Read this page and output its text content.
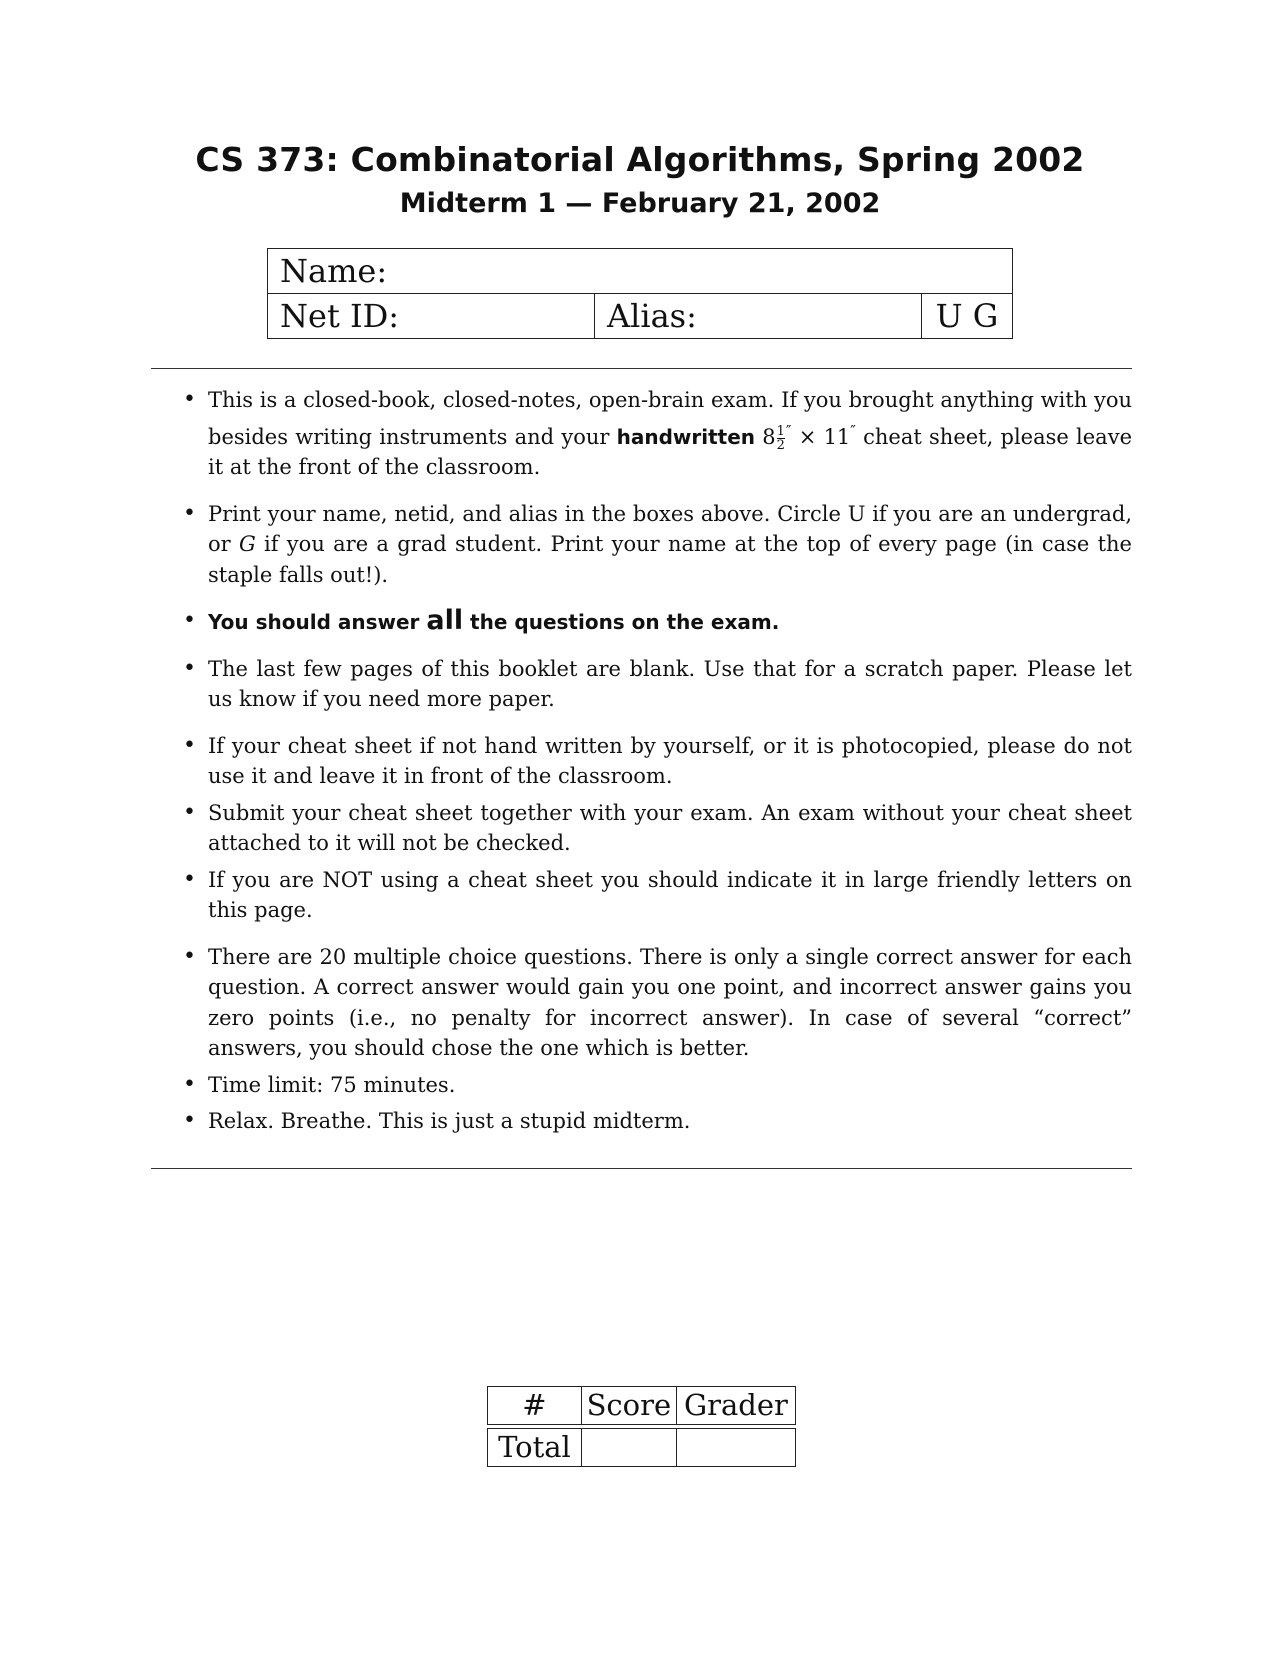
CS 373: Combinatorial Algorithms, Spring 2002
Midterm 1 — February 21, 2002
Name:
Net ID:	Alias:	U G
• This is a closed-book, closed-notes, open-brain exam. If you brought anything with you besides writing instruments and your handwritten $8 \frac{1}{2} '' \times 11''$ cheat sheet, please leave it at the front of the classroom.
• Print your name, netid, and alias in the boxes above. Circle U if you are an undergrad, or G if you are a grad student. Print your name at the top of every page (in case the staple falls out!).
• You should answer all the questions on the exam.
• The last few pages of this booklet are blank. Use that for a scratch paper. Please let us know if you need more paper.
• If your cheat sheet if not hand written by yourself, or it is photocopied, please do not use it and leave it in front of the classroom.
• Submit your cheat sheet together with your exam. An exam without your cheat sheet attached to it will not be checked.
• If you are NOT using a cheat sheet you should indicate it in large friendly letters on this page.
• There are 20 multiple choice questions. There is only a single correct answer for each question. A correct answer would gain you one point, and incorrect answer gains you zero points (i.e., no penalty for incorrect answer). In case of several “correct” answers, you should chose the one which is better.
• Time limit: 75 minutes.
• Relax. Breathe. This is just a stupid midterm.
#	Score	Grader

Total		
